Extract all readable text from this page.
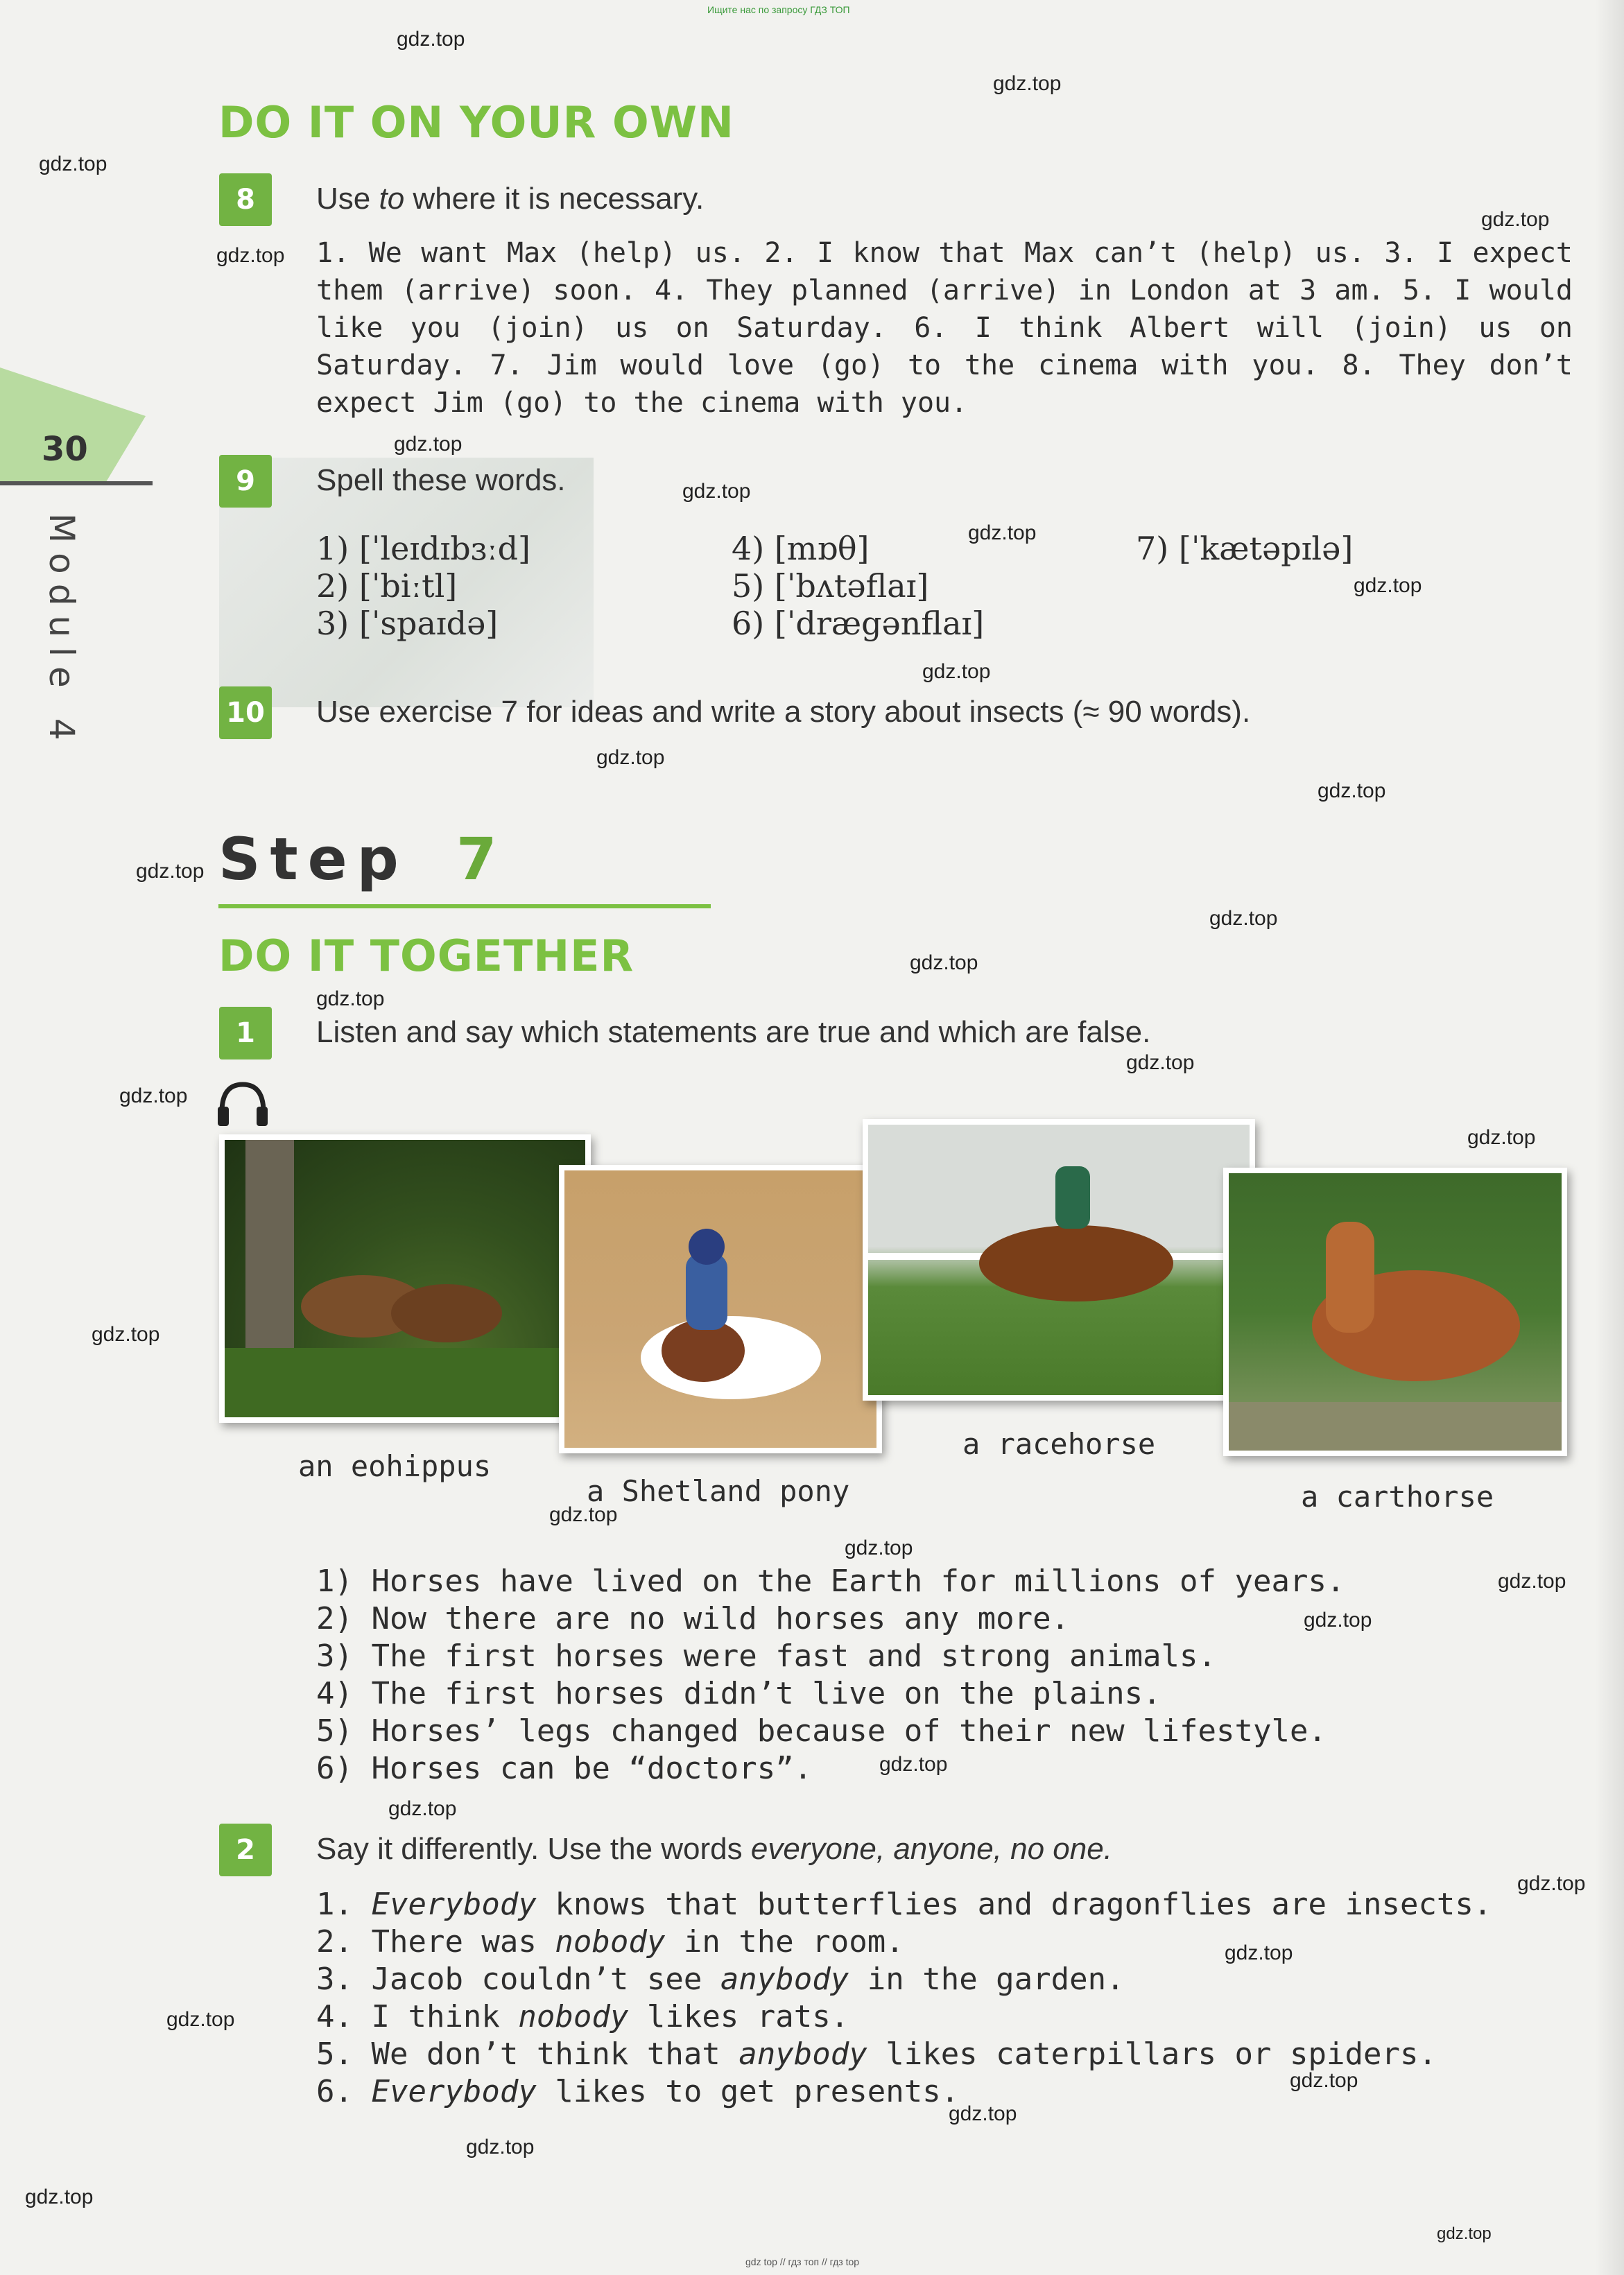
Ищите нас по запросу ГДЗ ТОП
gdz top // гдз топ // гдз top
30
Module 4
DO IT ON YOUR OWN
8	Use to where it is necessary.
1. We want Max (help) us. 2. I know that Max can’t (help) us. 3. I expect them (arrive) soon. 4. They planned (arrive) in London at 3 am. 5. I would like you (join) us on Saturday. 6. I think Albert will (join) us on Saturday. 7. Jim would love (go) to the cinema with you. 8. They don’t expect Jim (go) to the cinema with you.
9	Spell these words.
1) [ˈleɪdɪbɜːd]
2) [ˈbiːtl]
3) [ˈspaɪdə]
4) [mɒθ]
5) [ˈbʌtəflaɪ]
6) [ˈdrægənflaɪ]
7) [ˈkætəpɪlə]
10 Use exercise 7 for ideas and write a story about insects (≈ 90 words).
Step 7
DO IT TOGETHER
1	Listen and say which statements are true and which are false.
an eohippus
a Shetland pony
a racehorse
a carthorse
1) Horses have lived on the Earth for millions of years.
2) Now there are no wild horses any more.
3) The first horses were fast and strong animals.
4) The first horses didn’t live on the plains.
5) Horses’ legs changed because of their new lifestyle.
6) Horses can be “doctors”.
2	Say it differently. Use the words everyone, anyone, no one.
1. Everybody knows that butterflies and dragonflies are insects.
2. There was nobody in the room.
3. Jacob couldn’t see anybody in the garden.
4. I think nobody likes rats.
5. We don’t think that anybody likes caterpillars or spiders.
6. Everybody likes to get presents.
gdz.top
gdz.top
gdz.top
gdz.top
gdz.top
gdz.top
gdz.top
gdz.top
gdz.top
gdz.top
gdz.top
gdz.top
gdz.top
gdz.top
gdz.top
gdz.top
gdz.top
gdz.top
gdz.top
gdz.top
gdz.top
gdz.top
gdz.top
gdz.top
gdz.top
gdz.top
gdz.top
gdz.top
gdz.top
gdz.top
gdz.top
gdz.top
gdz.top
gdz.top
